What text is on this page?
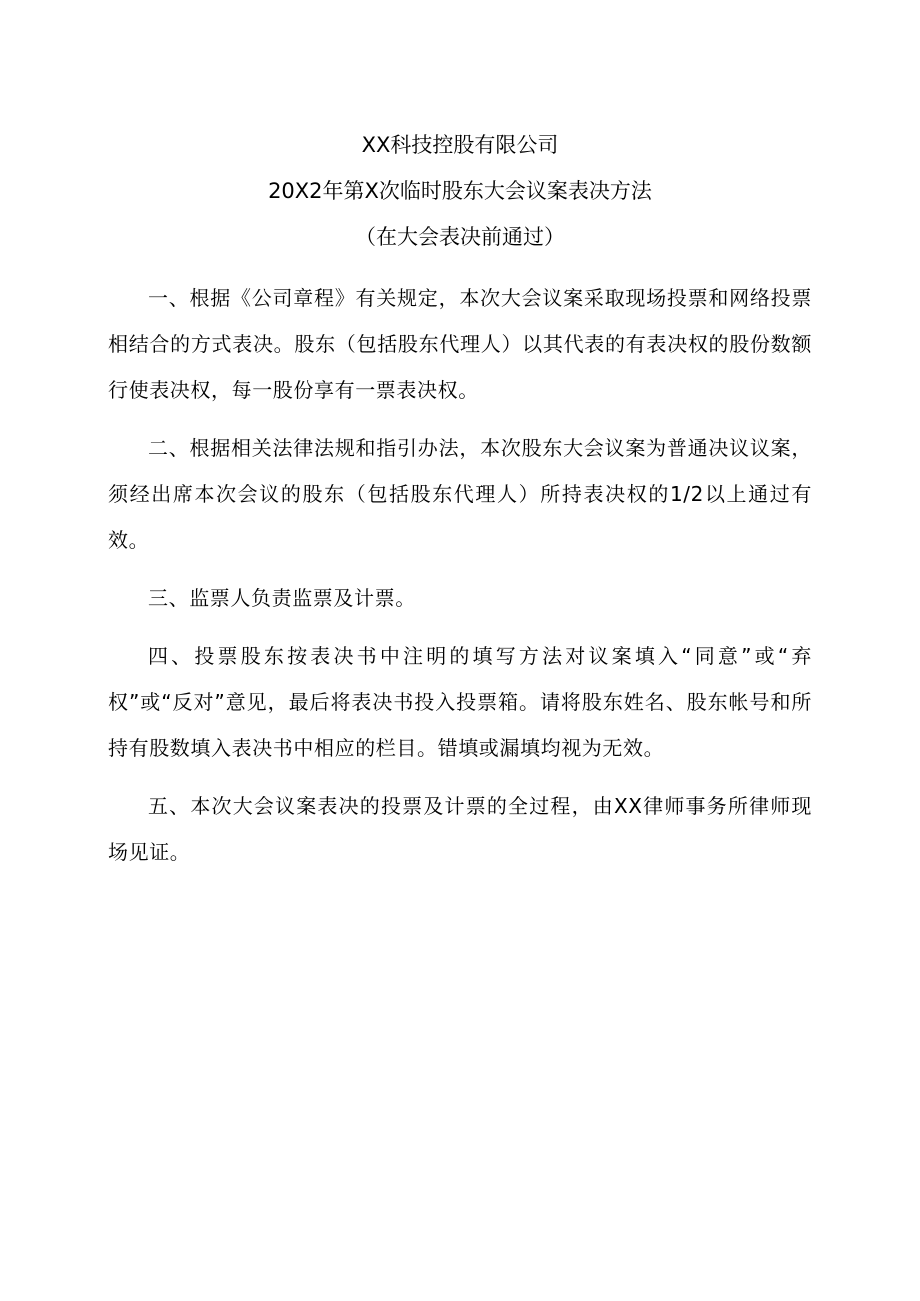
XX科技控股有限公司
20X2年第X次临时股东大会议案表决方法
（在大会表决前通过）

一、根据《公司章程》有关规定，本次大会议案采取现场投票和网络投票相结合的方式表决。股东（包括股东代理人）以其代表的有表决权的股份数额行使表决权，每一股份享有一票表决权。

二、根据相关法律法规和指引办法，本次股东大会议案为普通决议议案，须经出席本次会议的股东（包括股东代理人）所持表决权的1/2以上通过有效。

三、监票人负责监票及计票。

四、投票股东按表决书中注明的填写方法对议案填入“同意”或“弃权”或“反对”意见，最后将表决书投入投票箱。请将股东姓名、股东帐号和所持有股数填入表决书中相应的栏目。错填或漏填均视为无效。

五、本次大会议案表决的投票及计票的全过程，由XX律师事务所律师现场见证。
